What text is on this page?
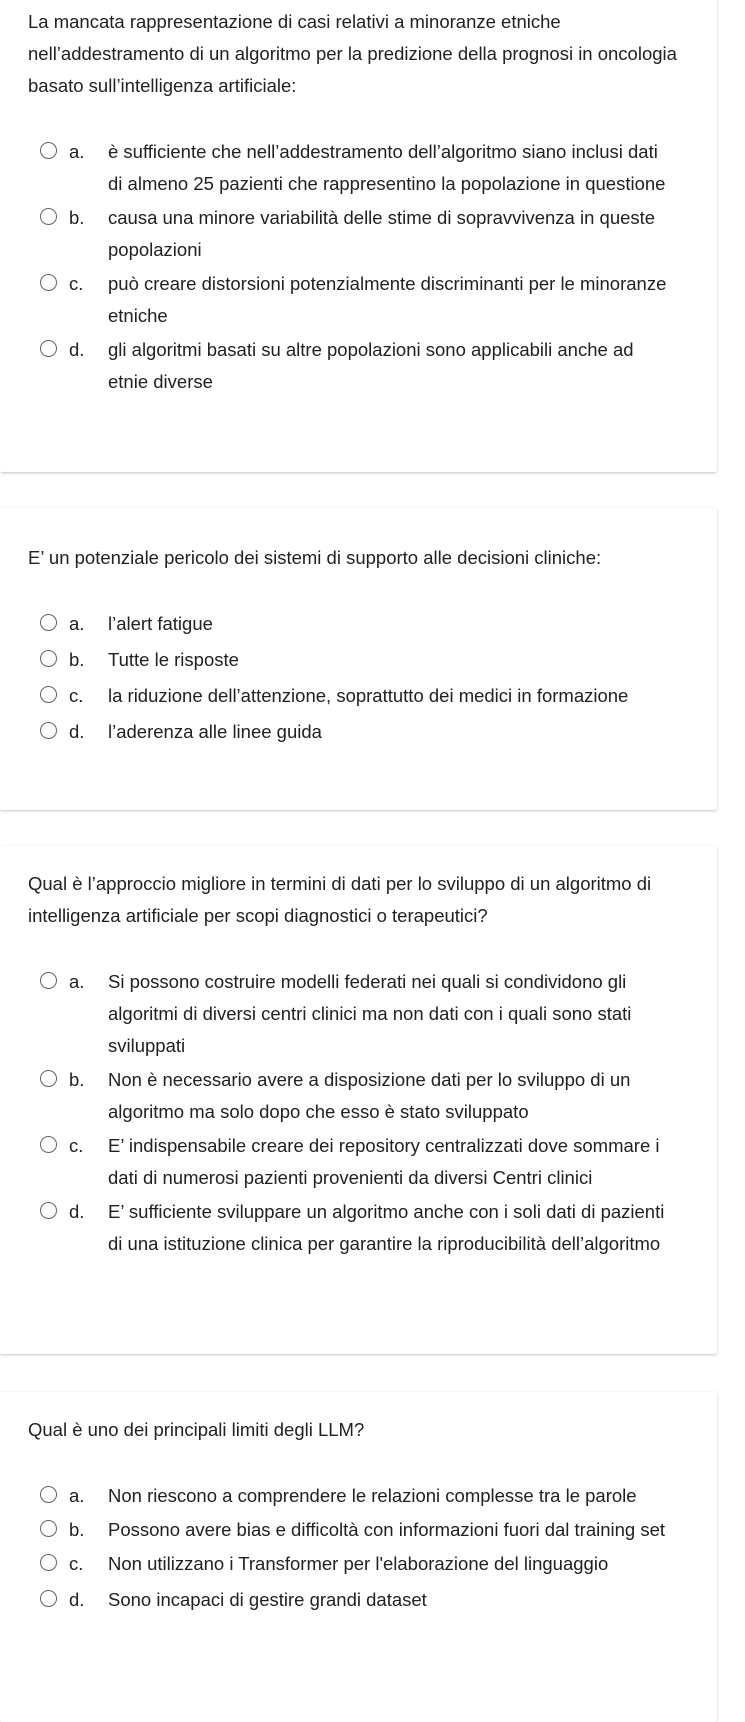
La mancata rappresentazione di casi relativi a minoranze etniche nell’addestramento di un algoritmo per la predizione della prognosi in oncologia basato sull’intelligenza artificiale:

a. è sufficiente che nell’addestramento dell’algoritmo siano inclusi dati di almeno 25 pazienti che rappresentino la popolazione in questione
b. causa una minore variabilità delle stime di sopravvivenza in queste popolazioni
c. può creare distorsioni potenzialmente discriminanti per le minoranze etniche
d. gli algoritmi basati su altre popolazioni sono applicabili anche ad etnie diverse

E’ un potenziale pericolo dei sistemi di supporto alle decisioni cliniche:

a. l’alert fatigue
b. Tutte le risposte
c. la riduzione dell’attenzione, soprattutto dei medici in formazione
d. l’aderenza alle linee guida

Qual è l’approccio migliore in termini di dati per lo sviluppo di un algoritmo di intelligenza artificiale per scopi diagnostici o terapeutici?

a. Si possono costruire modelli federati nei quali si condividono gli algoritmi di diversi centri clinici ma non dati con i quali sono stati sviluppati
b. Non è necessario avere a disposizione dati per lo sviluppo di un algoritmo ma solo dopo che esso è stato sviluppato
c. E’ indispensabile creare dei repository centralizzati dove sommare i dati di numerosi pazienti provenienti da diversi Centri clinici
d. E’ sufficiente sviluppare un algoritmo anche con i soli dati di pazienti di una istituzione clinica per garantire la riproducibilità dell’algoritmo

Qual è uno dei principali limiti degli LLM?

a. Non riescono a comprendere le relazioni complesse tra le parole
b. Possono avere bias e difficoltà con informazioni fuori dal training set
c. Non utilizzano i Transformer per l'elaborazione del linguaggio
d. Sono incapaci di gestire grandi dataset
